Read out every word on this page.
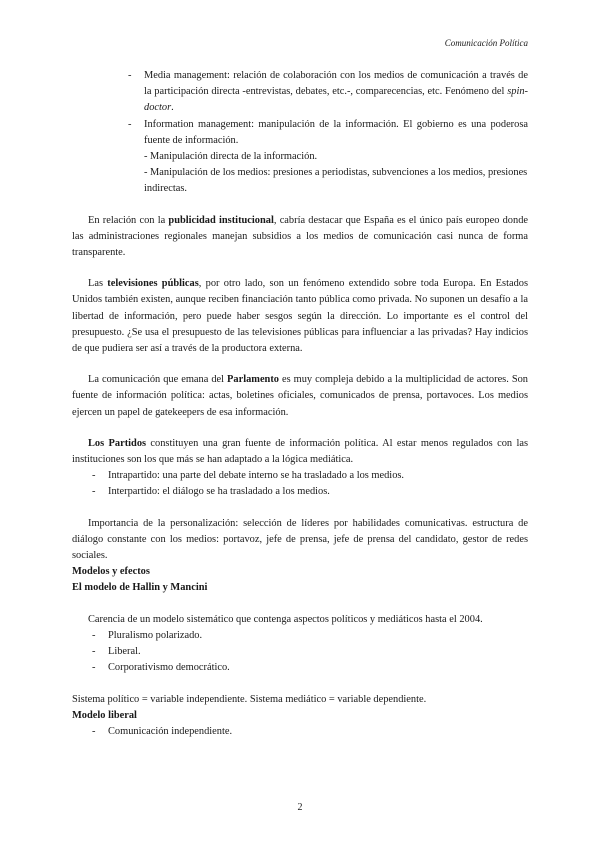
Comunicación Política

- Media management: relación de colaboración con los medios de comunicación a través de la participación directa -entrevistas, debates, etc.-, comparecencias, etc. Fenómeno del spin-doctor.

- Information management: manipulación de la información. El gobierno es una poderosa fuente de información.

- Manipulación directa de la información.

- Manipulación de los medios: presiones a periodistas, subvenciones a los medios, presiones indirectas.

En relación con la publicidad institucional, cabría destacar que España es el único país europeo donde las administraciones regionales manejan subsidios a los medios de comunicación casi nunca de forma transparente.

Las televisiones públicas, por otro lado, son un fenómeno extendido sobre toda Europa. En Estados Unidos también existen, aunque reciben financiación tanto pública como privada. No suponen un desafío a la libertad de información, pero puede haber sesgos según la dirección. Lo importante es el control del presupuesto. ¿Se usa el presupuesto de las televisiones públicas para influenciar a las privadas? Hay indicios de que pudiera ser así a través de la productora externa.

La comunicación que emana del Parlamento es muy compleja debido a la multiplicidad de actores. Son fuente de información política: actas, boletines oficiales, comunicados de prensa, portavoces. Los medios ejercen un papel de gatekeepers de esa información.

Los Partidos constituyen una gran fuente de información política. Al estar menos regulados con las instituciones son los que más se han adaptado a la lógica mediática.

- Intrapartido: una parte del debate interno se ha trasladado a los medios.

- Interpartido: el diálogo se ha trasladado a los medios.

Importancia de la personalización: selección de líderes por habilidades comunicativas. estructura de diálogo constante con los medios: portavoz, jefe de prensa, jefe de prensa del candidato, gestor de redes sociales.

Modelos y efectos

El modelo de Hallin y Mancini

Carencia de un modelo sistemático que contenga aspectos políticos y mediáticos hasta el 2004.

- Pluralismo polarizado.

- Liberal.

- Corporativismo democrático.

Sistema político = variable independiente. Sistema mediático = variable dependiente.

Modelo liberal

- Comunicación independiente.

2
